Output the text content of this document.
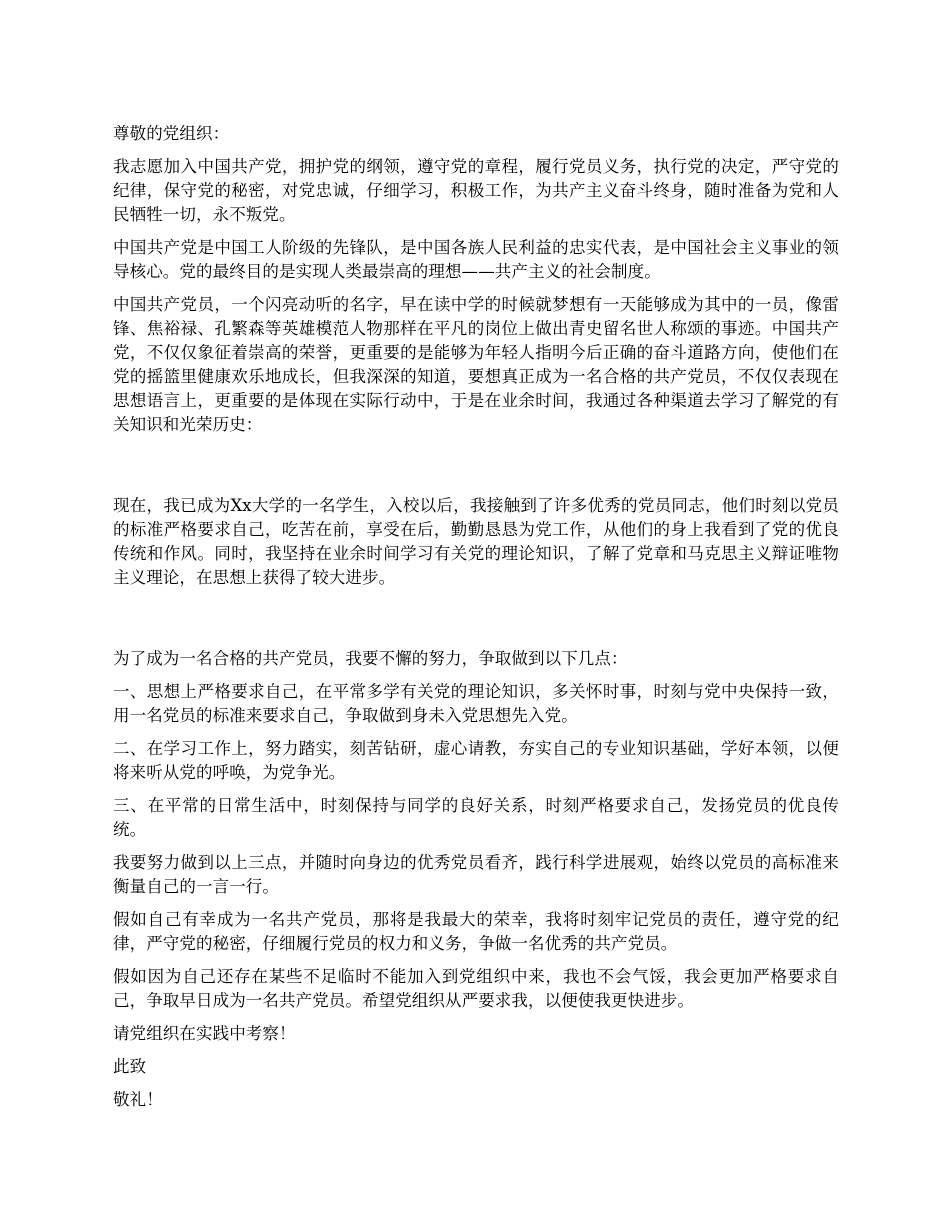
尊敬的党组织：

我志愿加入中国共产党，拥护党的纲领，遵守党的章程，履行党员义务，执行党的决定，严守党的纪律，保守党的秘密，对党忠诚，仔细学习，积极工作，为共产主义奋斗终身，随时准备为党和人民牺牲一切，永不叛党。

中国共产党是中国工人阶级的先锋队，是中国各族人民利益的忠实代表，是中国社会主义事业的领导核心。党的最终目的是实现人类最崇高的理想——共产主义的社会制度。

中国共产党员，一个闪亮动听的名字，早在读中学的时候就梦想有一天能够成为其中的一员，像雷锋、焦裕禄、孔繁森等英雄模范人物那样在平凡的岗位上做出青史留名世人称颂的事迹。中国共产党，不仅仅象征着崇高的荣誉，更重要的是能够为年轻人指明今后正确的奋斗道路方向，使他们在党的摇篮里健康欢乐地成长，但我深深的知道，要想真正成为一名合格的共产党员，不仅仅表现在思想语言上，更重要的是体现在实际行动中，于是在业余时间，我通过各种渠道去学习了解党的有关知识和光荣历史：

现在，我已成为Xx大学的一名学生，入校以后，我接触到了许多优秀的党员同志，他们时刻以党员的标准严格要求自己，吃苦在前，享受在后，勤勤恳恳为党工作，从他们的身上我看到了党的优良传统和作风。同时，我坚持在业余时间学习有关党的理论知识，了解了党章和马克思主义辩证唯物主义理论，在思想上获得了较大进步。

为了成为一名合格的共产党员，我要不懈的努力，争取做到以下几点：

一、思想上严格要求自己，在平常多学有关党的理论知识，多关怀时事，时刻与党中央保持一致，用一名党员的标准来要求自己，争取做到身未入党思想先入党。

二、在学习工作上，努力踏实，刻苦钻研，虚心请教，夯实自己的专业知识基础，学好本领，以便将来听从党的呼唤，为党争光。

三、在平常的日常生活中，时刻保持与同学的良好关系，时刻严格要求自己，发扬党员的优良传统。

我要努力做到以上三点，并随时向身边的优秀党员看齐，践行科学进展观，始终以党员的高标准来衡量自己的一言一行。

假如自己有幸成为一名共产党员，那将是我最大的荣幸，我将时刻牢记党员的责任，遵守党的纪律，严守党的秘密，仔细履行党员的权力和义务，争做一名优秀的共产党员。

假如因为自己还存在某些不足临时不能加入到党组织中来，我也不会气馁，我会更加严格要求自己，争取早日成为一名共产党员。希望党组织从严要求我，以便使我更快进步。

请党组织在实践中考察！

此致

敬礼！
